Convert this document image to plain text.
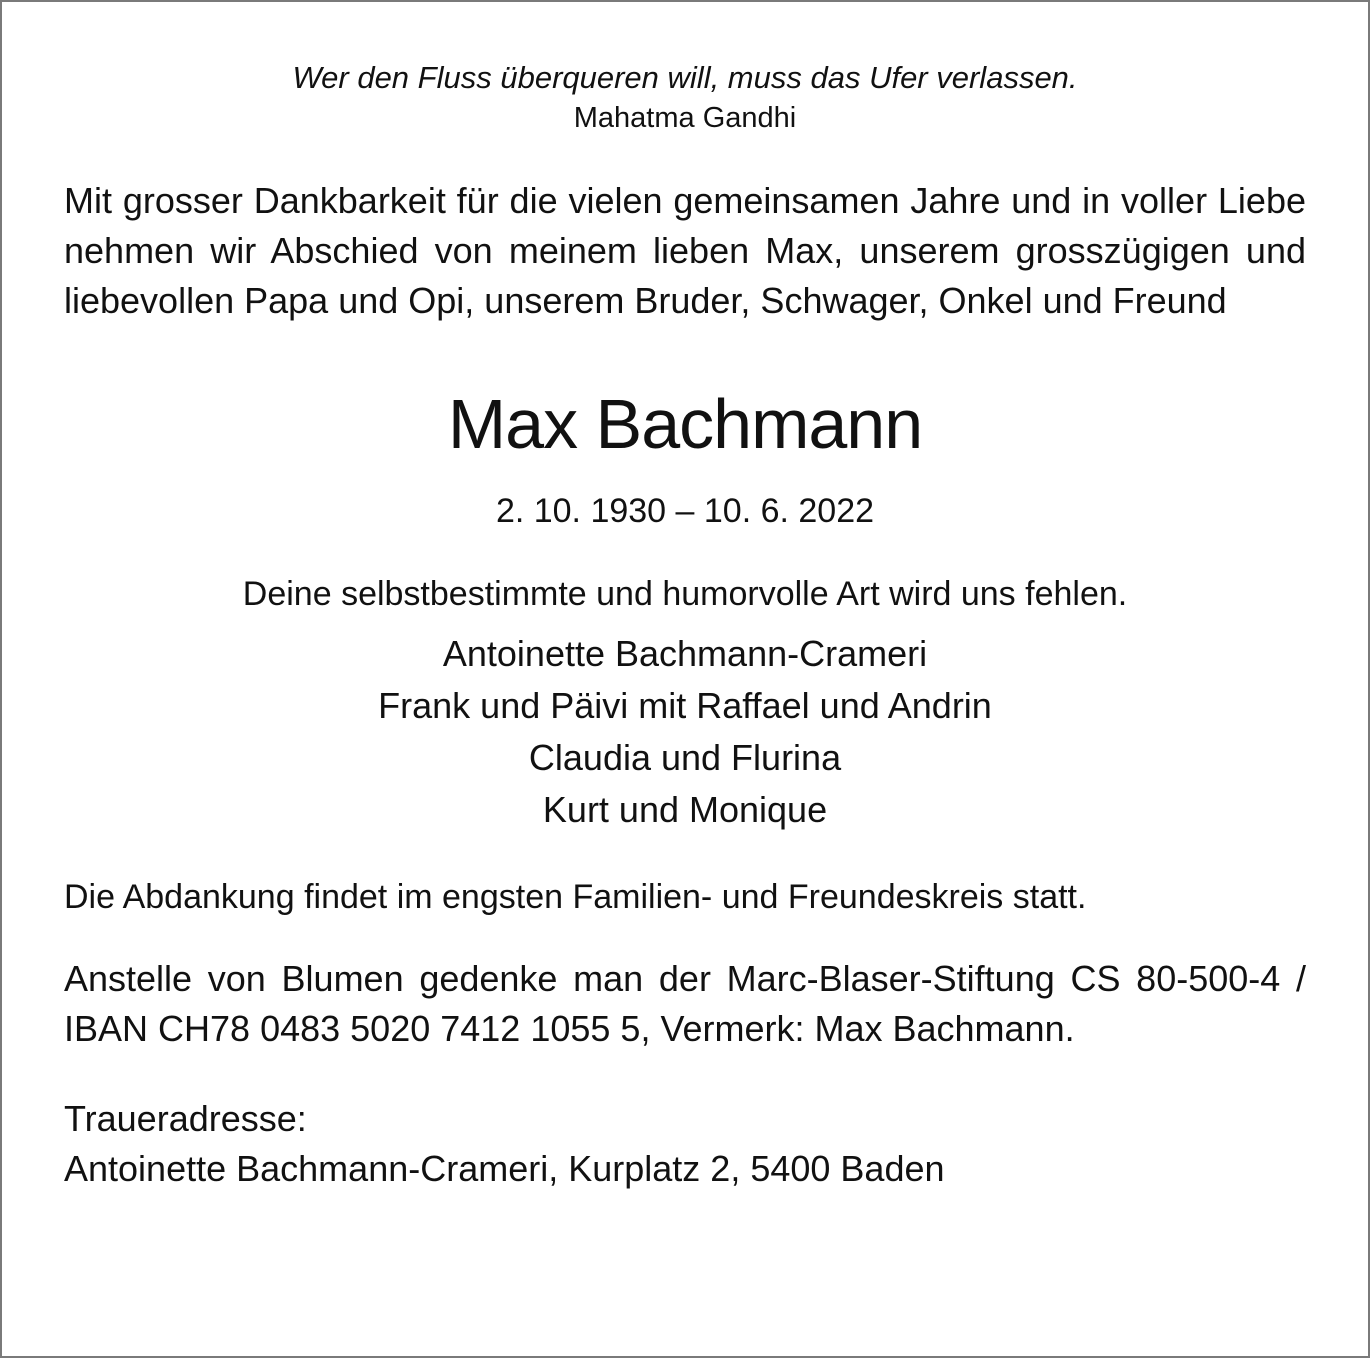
Wer den Fluss überqueren will, muss das Ufer verlassen.
Mahatma Gandhi
Mit grosser Dankbarkeit für die vielen gemeinsamen Jahre und in voller Liebe nehmen wir Abschied von meinem lieben Max, unserem grosszügigen und liebevollen Papa und Opi, unserem Bruder, Schwager, Onkel und Freund
Max Bachmann
2. 10. 1930 – 10. 6. 2022
Deine selbstbestimmte und humorvolle Art wird uns fehlen.
Antoinette Bachmann-Crameri
Frank und Päivi mit Raffael und Andrin
Claudia und Flurina
Kurt und Monique
Die Abdankung findet im engsten Familien- und Freundeskreis statt.
Anstelle von Blumen gedenke man der Marc-Blaser-Stiftung CS 80-500-4 / IBAN CH78 0483 5020 7412 1055 5, Vermerk: Max Bachmann.
Traueradresse:
Antoinette Bachmann-Crameri, Kurplatz 2, 5400 Baden
